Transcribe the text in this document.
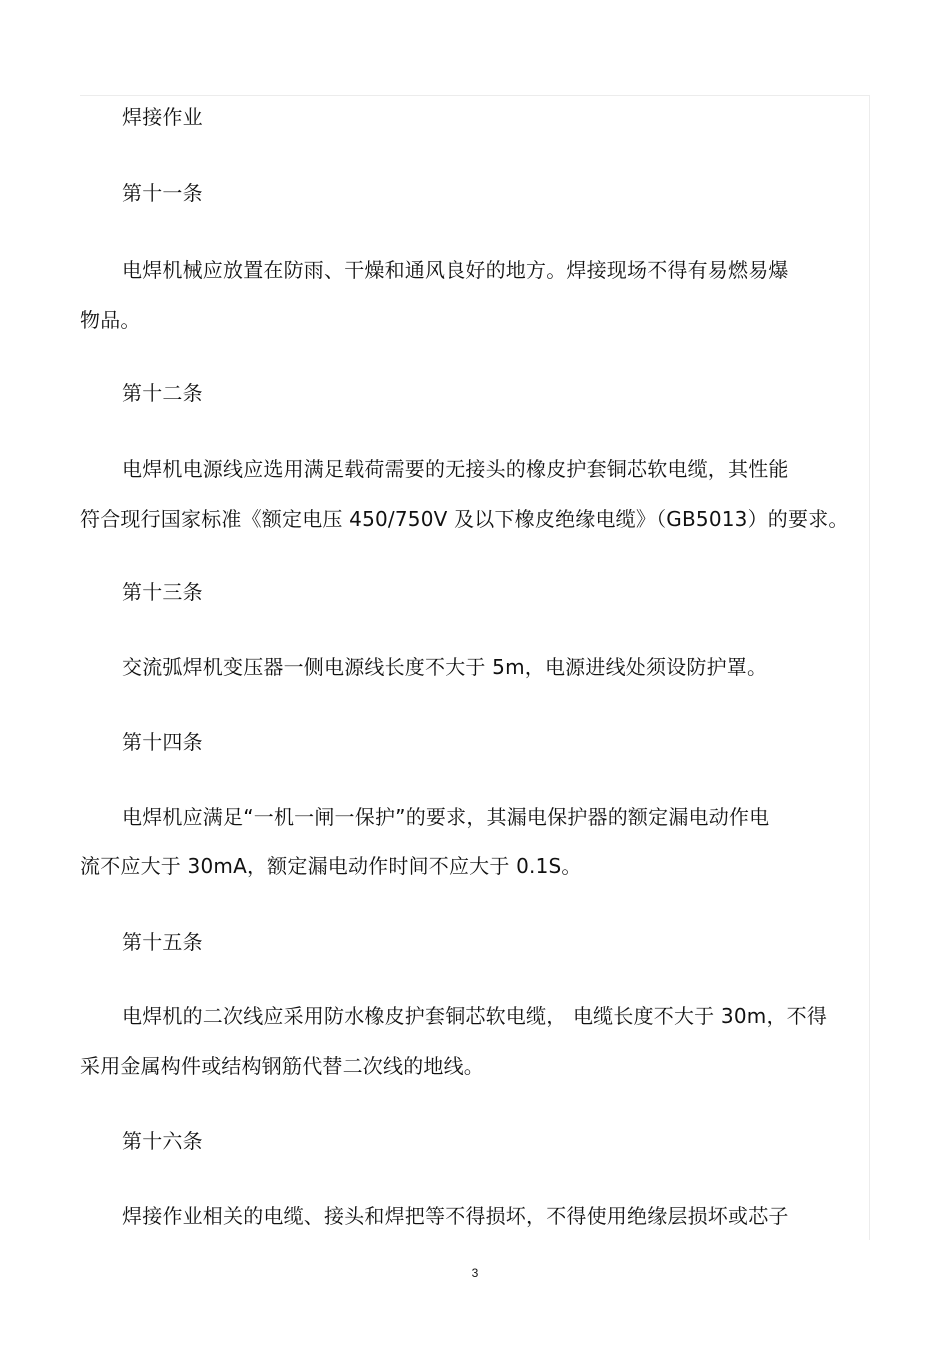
焊接作业
第十一条
电焊机械应放置在防雨、干燥和通风良好的地方。焊接现场不得有易燃易爆
物品。
第十二条
电焊机电源线应选用满足载荷需要的无接头的橡皮护套铜芯软电缆，其性能
符合现行国家标准《额定电压 450/750V 及以下橡皮绝缘电缆》（GB5013）的要求。
第十三条
交流弧焊机变压器一侧电源线长度不大于 5m，电源进线处须设防护罩。
第十四条
电焊机应满足“一机一闸一保护”的要求，其漏电保护器的额定漏电动作电
流不应大于 30mA，额定漏电动作时间不应大于 0.1S。
第十五条
电焊机的二次线应采用防水橡皮护套铜芯软电缆， 电缆长度不大于 30m，不得
采用金属构件或结构钢筋代替二次线的地线。
第十六条
焊接作业相关的电缆、接头和焊把等不得损坏，不得使用绝缘层损坏或芯子
3
